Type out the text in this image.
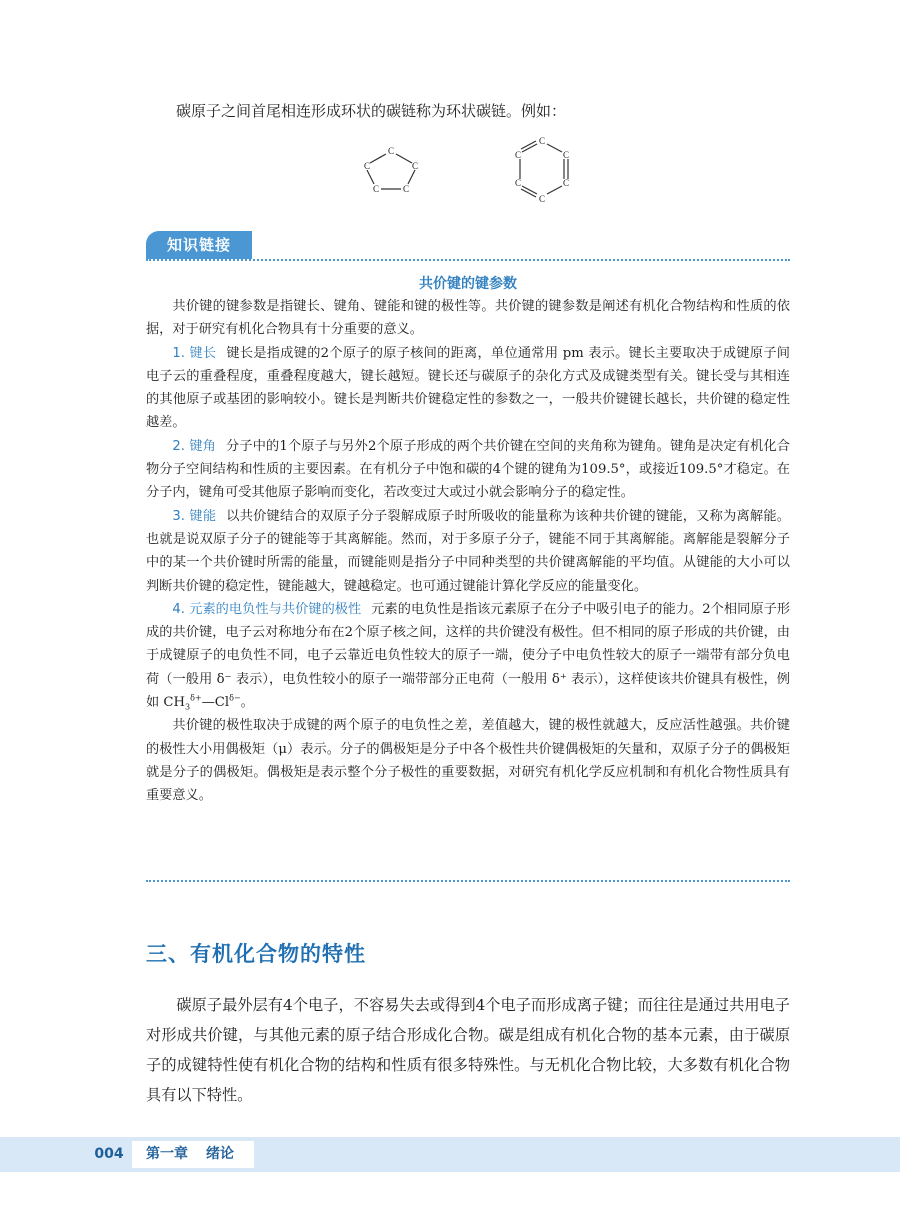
碳原子之间首尾相连形成环状的碳链称为环状碳链。例如：
C
C	C
C	C
C
C	C
C	C
C
知识链接
共价键的键参数

共价键的键参数是指键长、键角、键能和键的极性等。共价键的键参数是阐述有机化合物结构和性质的依据，对于研究有机化合物具有十分重要的意义。

1. 键长 键长是指成键的2个原子的原子核间的距离，单位通常用 pm 表示。键长主要取决于成键原子间电子云的重叠程度，重叠程度越大，键长越短。键长还与碳原子的杂化方式及成键类型有关。键长受与其相连的其他原子或基团的影响较小。键长是判断共价键稳定性的参数之一，一般共价键键长越长，共价键的稳定性越差。

2. 键角 分子中的1个原子与另外2个原子形成的两个共价键在空间的夹角称为键角。键角是决定有机化合物分子空间结构和性质的主要因素。在有机分子中饱和碳的4个键的键角为109.5°，或接近109.5°才稳定。在分子内，键角可受其他原子影响而变化，若改变过大或过小就会影响分子的稳定性。

3. 键能 以共价键结合的双原子分子裂解成原子时所吸收的能量称为该种共价键的键能，又称为离解能。也就是说双原子分子的键能等于其离解能。然而，对于多原子分子，键能不同于其离解能。离解能是裂解分子中的某一个共价键时所需的能量，而键能则是指分子中同种类型的共价键离解能的平均值。从键能的大小可以判断共价键的稳定性，键能越大，键越稳定。也可通过键能计算化学反应的能量变化。

4. 元素的电负性与共价键的极性 元素的电负性是指该元素原子在分子中吸引电子的能力。2个相同原子形成的共价键，电子云对称地分布在2个原子核之间，这样的共价键没有极性。但不相同的原子形成的共价键，由于成键原子的电负性不同，电子云靠近电负性较大的原子一端，使分子中电负性较大的原子一端带有部分负电荷（一般用 δ⁻ 表示），电负性较小的原子一端带部分正电荷（一般用 δ⁺ 表示），这样使该共价键具有极性，例如 $CH_3^{\delta+}—Cl^{\delta-}$。

共价键的极性取决于成键的两个原子的电负性之差，差值越大，键的极性就越大，反应活性越强。共价键的极性大小用偶极矩（μ）表示。分子的偶极矩是分子中各个极性共价键偶极矩的矢量和，双原子分子的偶极矩就是分子的偶极矩。偶极矩是表示整个分子极性的重要数据，对研究有机化学反应机制和有机化合物性质具有重要意义。

三、有机化合物的特性

碳原子最外层有4个电子，不容易失去或得到4个电子而形成离子键；而往往是通过共用电子对形成共价键，与其他元素的原子结合形成化合物。碳是组成有机化合物的基本元素，由于碳原子的成键特性使有机化合物的结构和性质有很多特殊性。与无机化合物比较，大多数有机化合物具有以下特性。

004	第一章 绪论
